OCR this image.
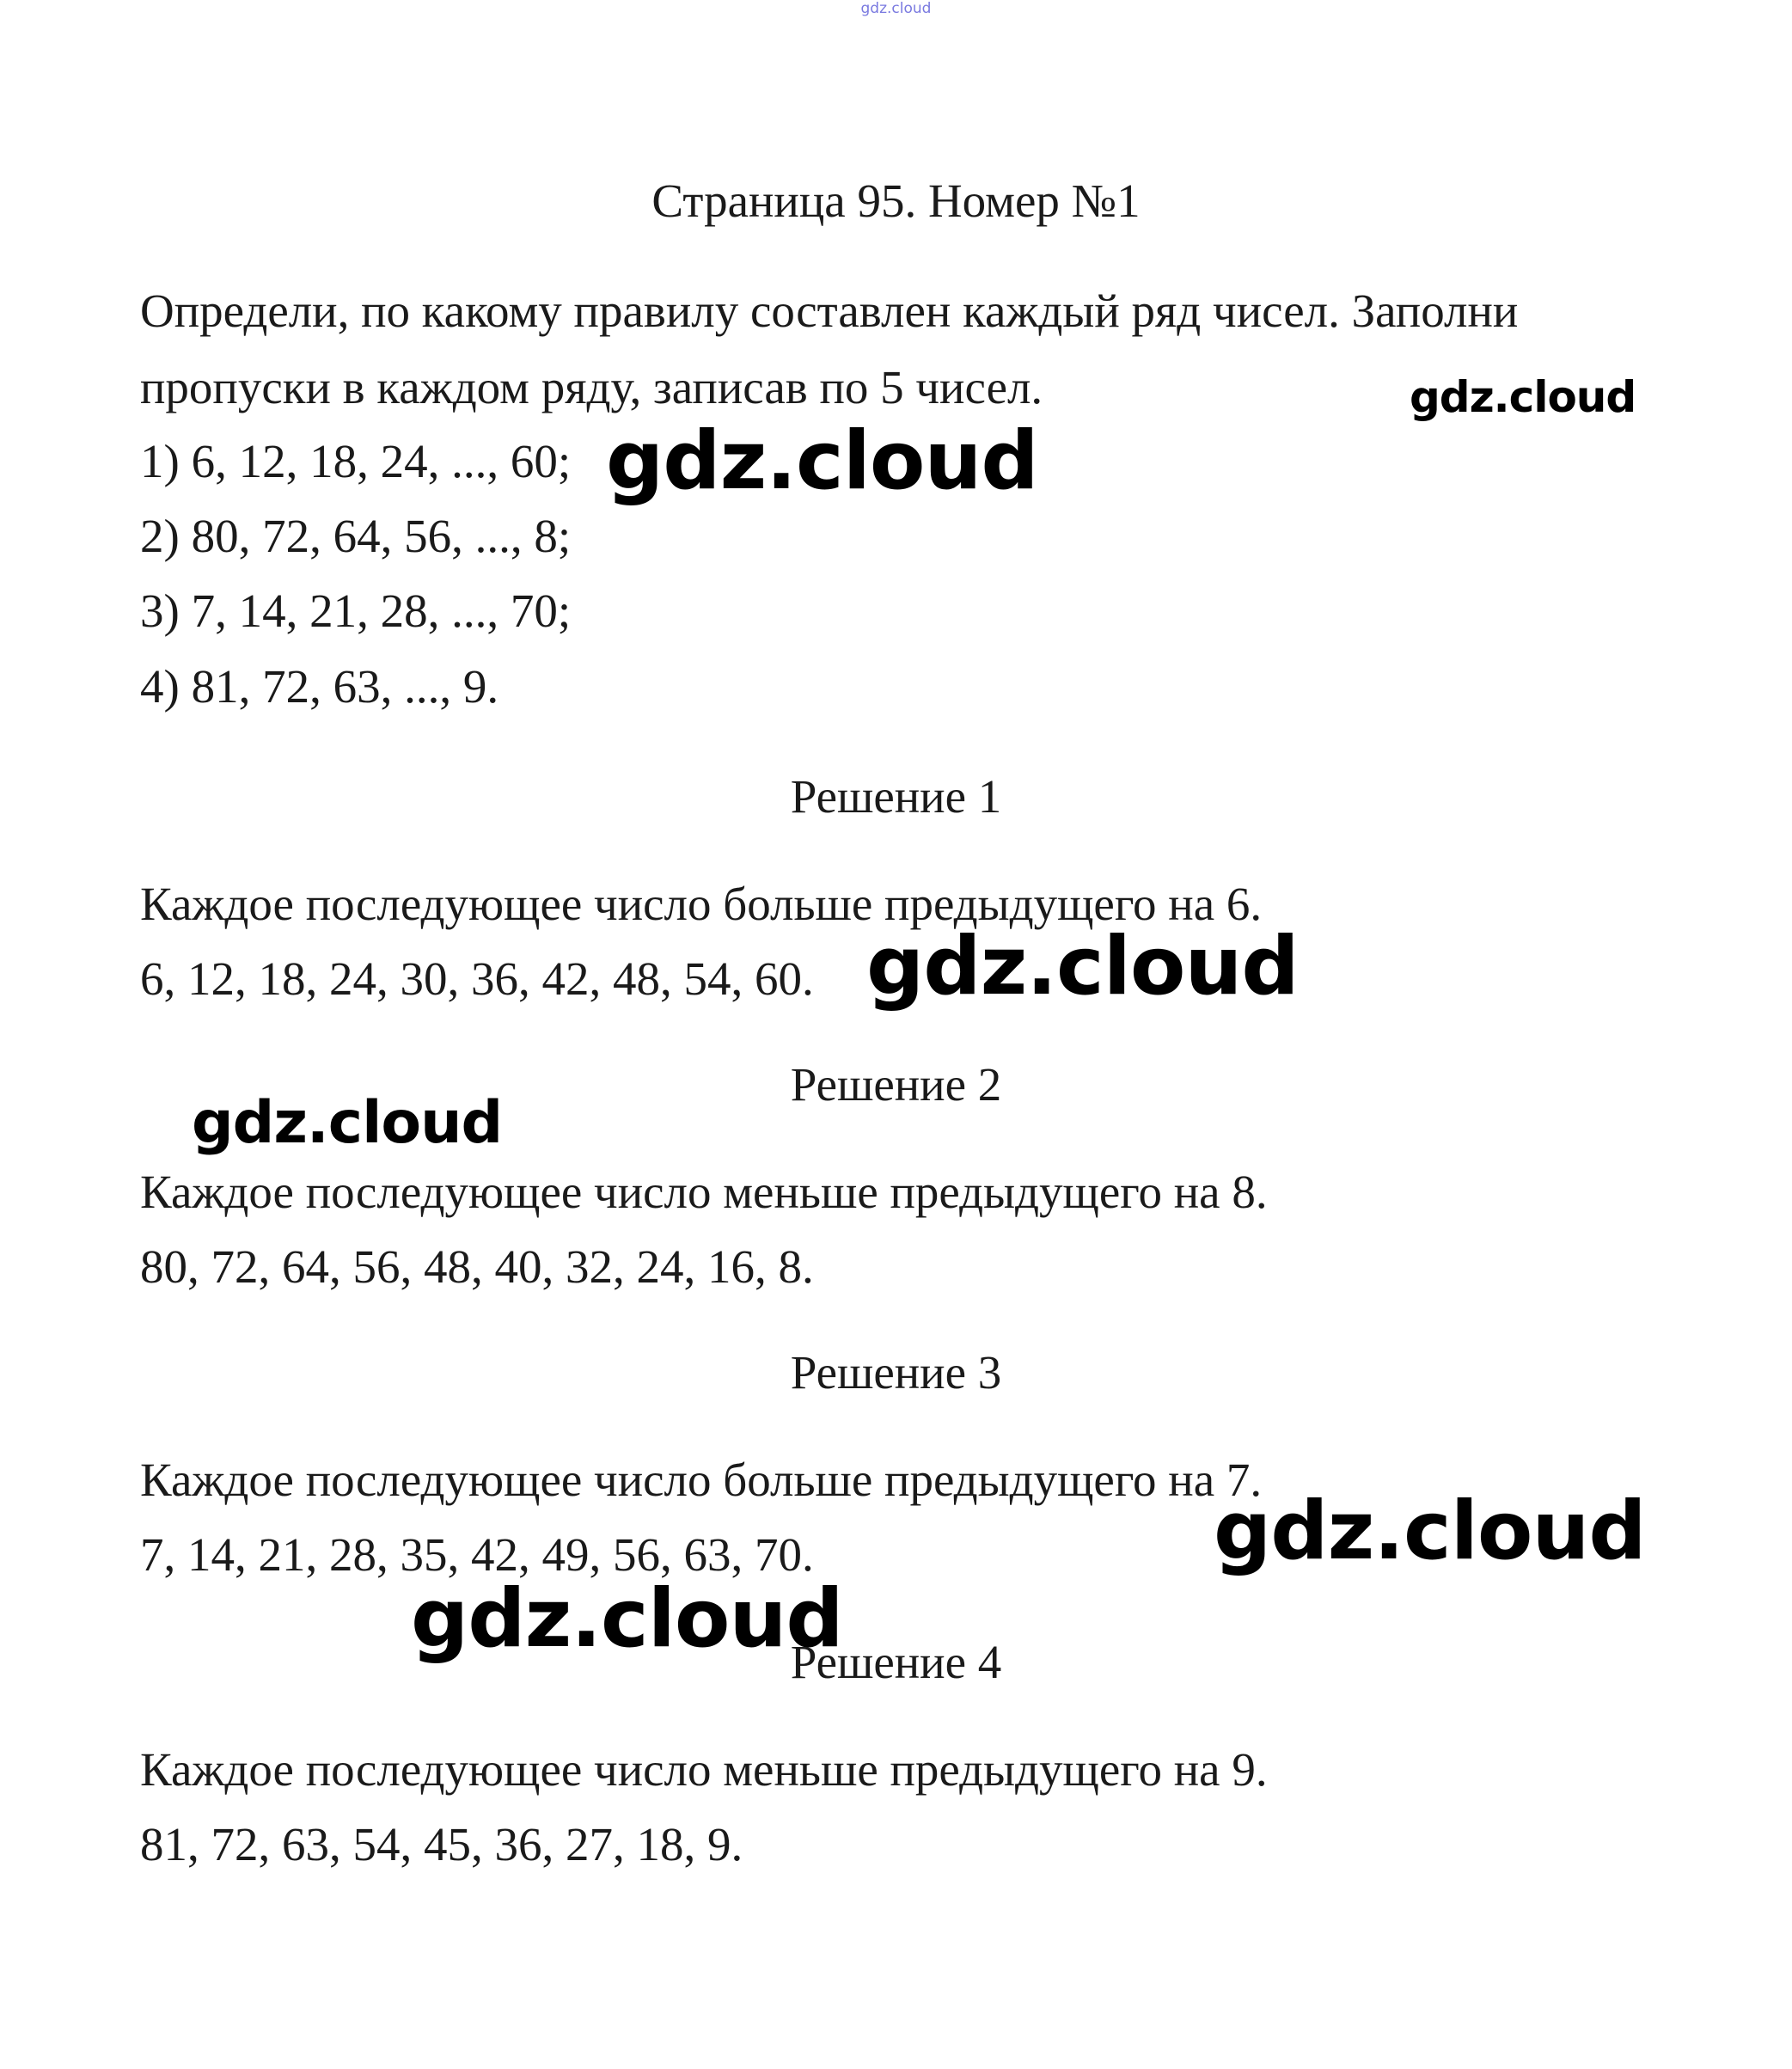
gdz.cloud
Страница 95. Номер №1
Определи, по какому правилу составлен каждый ряд чисел. Заполни
пропуски в каждом ряду, записав по 5 чисел.
1) 6, 12, 18, 24, ..., 60;
2) 80, 72, 64, 56, ..., 8;
3) 7, 14, 21, 28, ..., 70;
4) 81, 72, 63, ..., 9.
Решение 1
Каждое последующее число больше предыдущего на 6.
6, 12, 18, 24, 30, 36, 42, 48, 54, 60.
Решение 2
Каждое последующее число меньше предыдущего на 8.
80, 72, 64, 56, 48, 40, 32, 24, 16, 8.
Решение 3
Каждое последующее число больше предыдущего на 7.
7, 14, 21, 28, 35, 42, 49, 56, 63, 70.
Решение 4
Каждое последующее число меньше предыдущего на 9.
81, 72, 63, 54, 45, 36, 27, 18, 9.
gdz.cloud
gdz.cloud
gdz.cloud
gdz.cloud
gdz.cloud
gdz.cloud
